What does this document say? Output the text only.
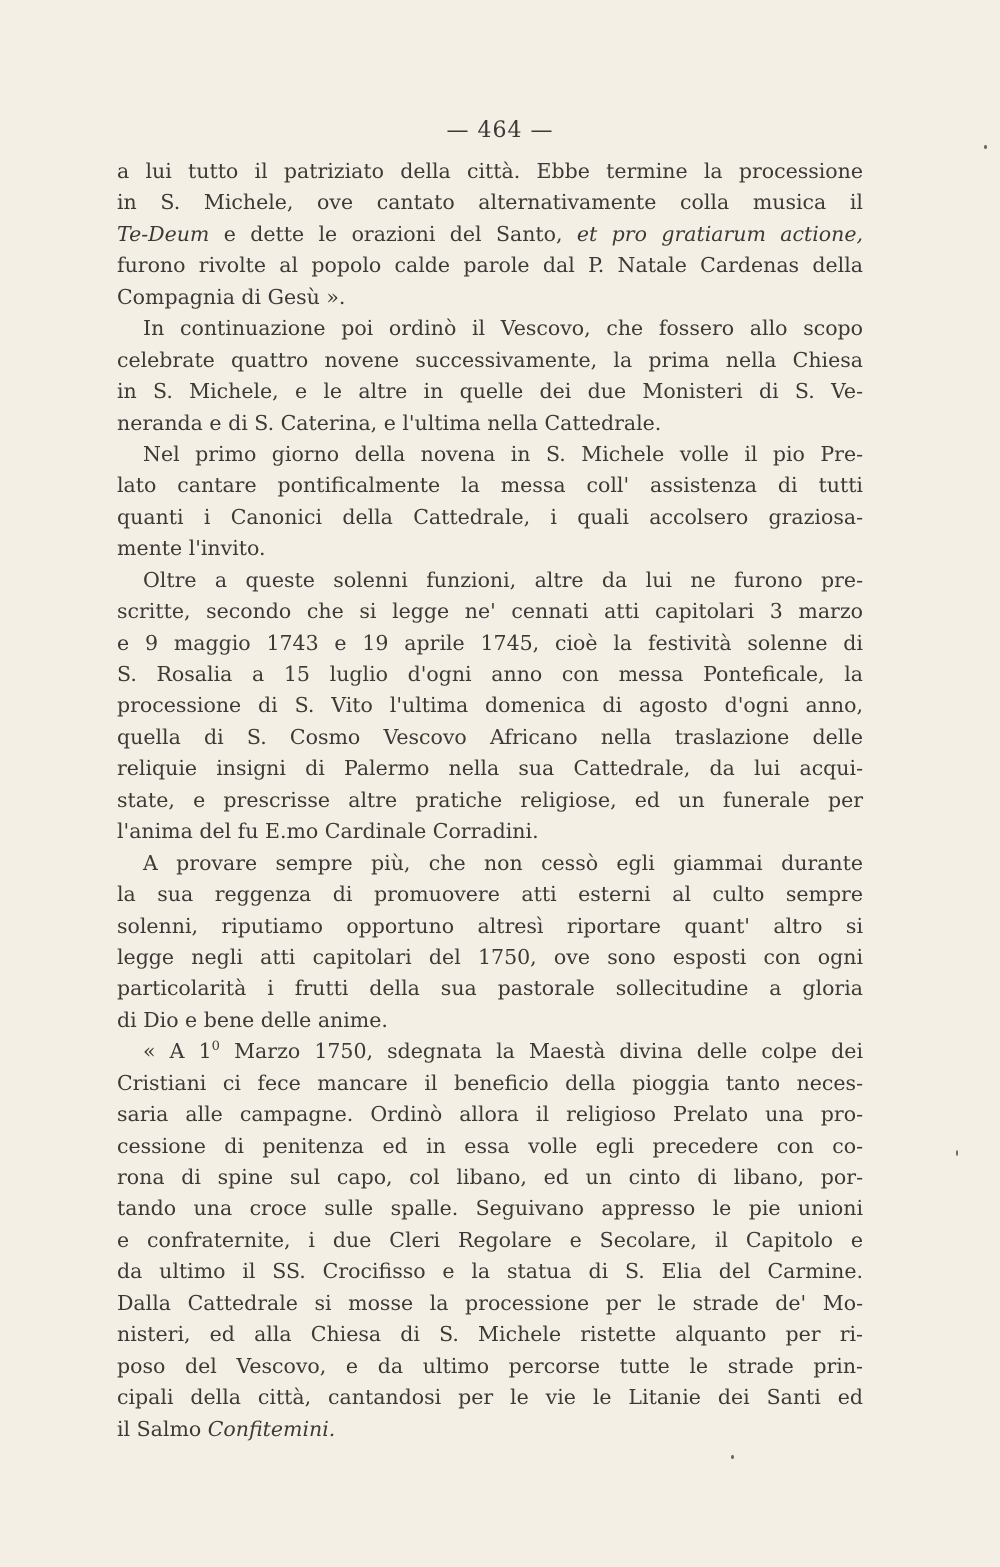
— 464 —
a lui tutto il patriziato della città. Ebbe termine la processione
in S. Michele, ove cantato alternativamente colla musica il
Te-Deum e dette le orazioni del Santo, et pro gratiarum actione,
furono rivolte al popolo calde parole dal P. Natale Cardenas della
Compagnia di Gesù ».
In continuazione poi ordinò il Vescovo, che fossero allo scopo
celebrate quattro novene successivamente, la prima nella Chiesa
in S. Michele, e le altre in quelle dei due Monisteri di S. Ve-
neranda e di S. Caterina, e l'ultima nella Cattedrale.
Nel primo giorno della novena in S. Michele volle il pio Pre-
lato cantare pontificalmente la messa coll' assistenza di tutti
quanti i Canonici della Cattedrale, i quali accolsero graziosa-
mente l'invito.
Oltre a queste solenni funzioni, altre da lui ne furono pre-
scritte, secondo che si legge ne' cennati atti capitolari 3 marzo
e 9 maggio 1743 e 19 aprile 1745, cioè la festività solenne di
S. Rosalia a 15 luglio d'ogni anno con messa Ponteficale, la
processione di S. Vito l'ultima domenica di agosto d'ogni anno,
quella di S. Cosmo Vescovo Africano nella traslazione delle
reliquie insigni di Palermo nella sua Cattedrale, da lui acqui-
state, e prescrisse altre pratiche religiose, ed un funerale per
l'anima del fu E.mo Cardinale Corradini.
A provare sempre più, che non cessò egli giammai durante
la sua reggenza di promuovere atti esterni al culto sempre
solenni, riputiamo opportuno altresì riportare quant' altro si
legge negli atti capitolari del 1750, ove sono esposti con ogni
particolarità i frutti della sua pastorale sollecitudine a gloria
di Dio e bene delle anime.
« A $1^0$ Marzo 1750, sdegnata la Maestà divina delle colpe dei
Cristiani ci fece mancare il beneficio della pioggia tanto neces-
saria alle campagne. Ordinò allora il religioso Prelato una pro-
cessione di penitenza ed in essa volle egli precedere con co-
rona di spine sul capo, col libano, ed un cinto di libano, por-
tando una croce sulle spalle. Seguivano appresso le pie unioni
e confraternite, i due Cleri Regolare e Secolare, il Capitolo e
da ultimo il SS. Crocifisso e la statua di S. Elia del Carmine.
Dalla Cattedrale si mosse la processione per le strade de' Mo-
nisteri, ed alla Chiesa di S. Michele ristette alquanto per ri-
poso del Vescovo, e da ultimo percorse tutte le strade prin-
cipali della città, cantandosi per le vie le Litanie dei Santi ed
il Salmo Confitemini.
